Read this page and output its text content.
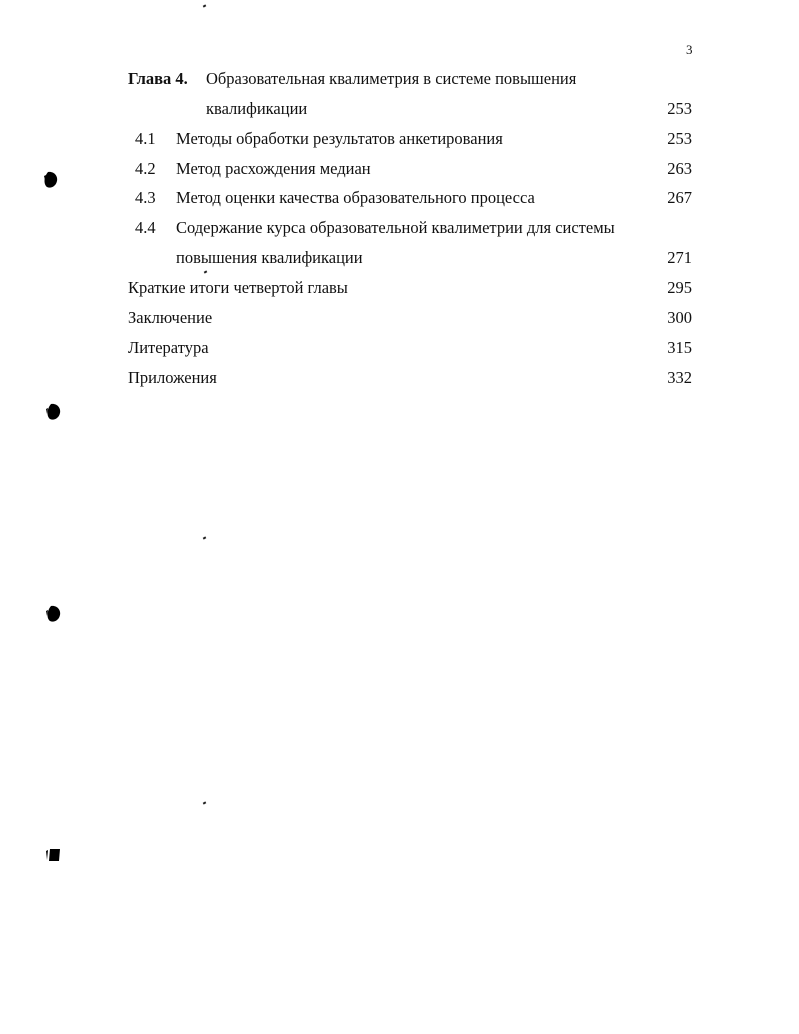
3
Глава 4. Образовательная квалиметрия в системе повышения
квалификации	253
4.1 Методы обработки результатов анкетирования	253
4.2 Метод расхождения медиан	263
4.3 Метод оценки качества образовательного процесса	267
4.4 Содержание курса образовательной квалиметрии для системы
повышения квалификации	271
Краткие итоги четвертой главы	295
Заключение	300
Литература	315
Приложения	332
